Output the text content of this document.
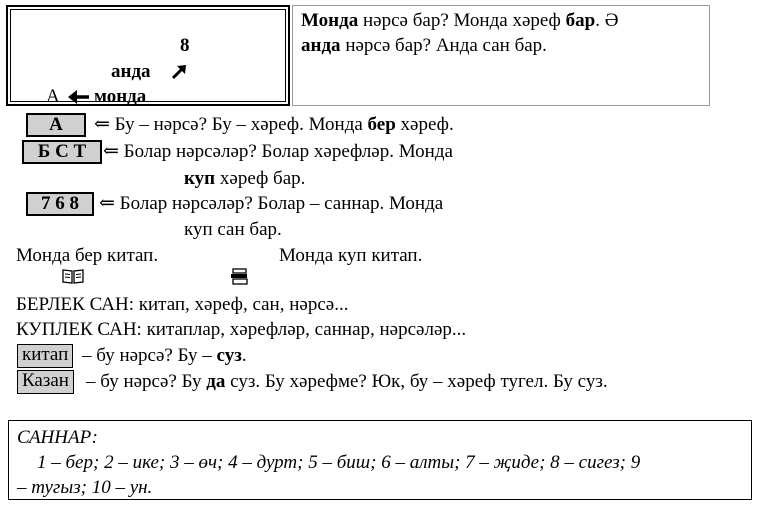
8
анда
А монда
Монда нәрсә бар? Монда хәреф бар. Ә
анда нәрсә бар? Анда сан бар.
А	⇐ Бу – нәрсә? Бу – хәреф. Монда бер хәреф.
Б С Т ⇐ Болар нәрсәләр? Болар хәрефләр. Монда
куп хәреф бар.
7 6 8	⇐ Болар нәрсәләр? Болар – саннар. Монда
куп сан бар.
Монда бер китап.	Монда куп китап.
БЕРЛЕК САН: китап, хәреф, сан, нәрсә...
КУПЛЕК САН: китаплар, хәрефләр, саннар, нәрсәләр...
китап – бу нәрсә? Бу – суз.
Казан – бу нәрсә? Бу да суз. Бу хәрефме? Юк, бу – хәреф тугел. Бу суз.
САННАР:
1 – бер; 2 – ике; 3 – өч; 4 – дурт; 5 – биш; 6 – алты; 7 – җиде; 8 – сигез; 9
– тугыз; 10 – ун.
